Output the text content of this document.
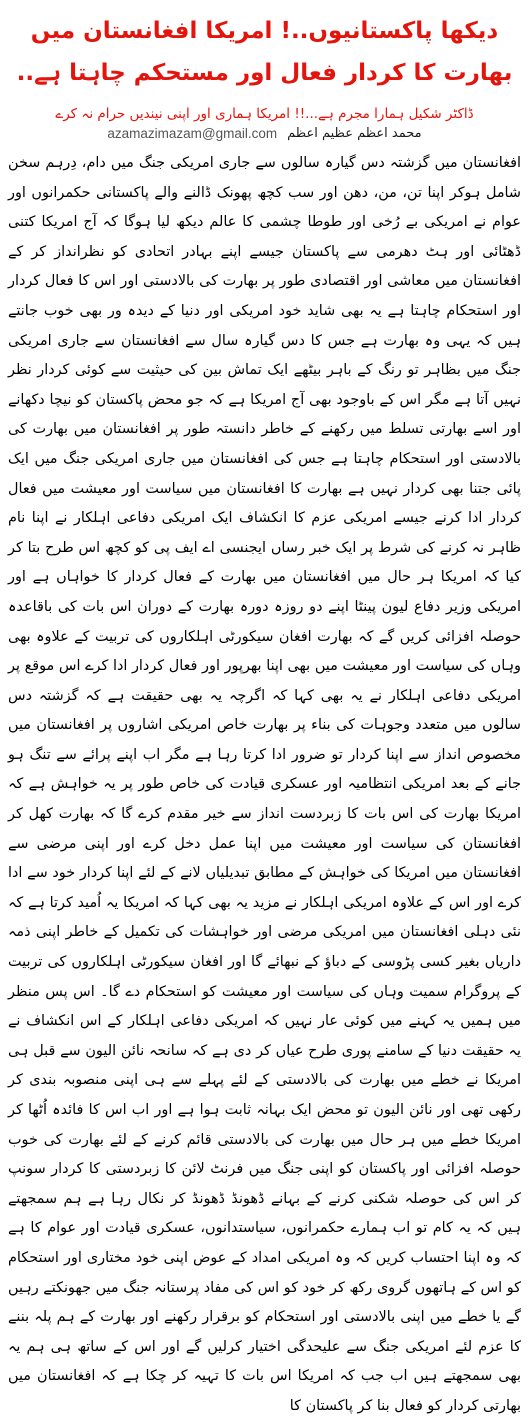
دیکھا پاکستانیوں..! امریکا افغانستان میں بھارت کا کردار فعال اور مستحکم چاہتا ہے..
ڈاکٹر شکیل ہمارا مجرم ہے...!! امریکا ہماری اور اپنی نیندیں حرام نہ کرے
محمد اعظم عظیم اعظم
azamazimazam@gmail.com

افغانستان میں گزشتہ دس گیارہ سالوں سے جاری امریکی جنگ میں دام، دِرہم سخن شامل ہوکر اپنا تن، من، دھن اور سب کچھ پھونک ڈالنے والے پاکستانی حکمرانوں اور عوام نے امریکی بے رُخی اور طوطا چشمی کا عالم دیکھ لیا ہوگا کہ آج امریکا کتنی ڈھٹائی اور ہٹ دھرمی سے پاکستان جیسے اپنے بہادر اتحادی کو نظرانداز کر کے افغانستان میں معاشی اور اقتصادی طور پر بھارت کی بالادستی اور اس کا فعال کردار اور استحکام چاہتا ہے یہ بھی شاید خود امریکی اور دنیا کے دیدہ ور بھی خوب جانتے ہیں کہ یہی وہ بھارت ہے جس کا دس گیارہ سال سے افغانستان سے جاری امریکی جنگ میں بظاہر تو رنگ کے باہر بیٹھے ایک تماش بین کی حیثیت سے کوئی کردار نظر نہیں آتا ہے مگر اس کے باوجود بھی آج امریکا ہے کہ جو محض پاکستان کو نیچا دکھانے اور اسے بھارتی تسلط میں رکھنے کے خاطر دانستہ طور پر افغانستان میں بھارت کی بالادستی اور استحکام چاہتا ہے جس کی افغانستان میں جاری امریکی جنگ میں ایک پائی جتنا بھی کردار نہیں ہے بھارت کا افغانستان میں سیاست اور معیشت میں فعال کردار ادا کرنے جیسے امریکی عزم کا انکشاف ایک امریکی دفاعی اہلکار نے اپنا نام ظاہر نہ کرنے کی شرط پر ایک خبر رساں ایجنسی اے ایف پی کو کچھ اس طرح بتا کر کیا کہ امریکا ہر حال میں افغانستان میں بھارت کے فعال کردار کا خواہاں ہے اور امریکی وزیر دفاع لیون پینٹا اپنے دو روزہ دورہ بھارت کے دوران اس بات کی باقاعدہ حوصلہ افزائی کریں گے کہ بھارت افغان سیکورٹی اہلکاروں کی تربیت کے علاوہ بھی وہاں کی سیاست اور معیشت میں بھی اپنا بھرپور اور فعال کردار ادا کرے اس موقع پر امریکی دفاعی اہلکار نے یہ بھی کہا کہ اگرچہ یہ بھی حقیقت ہے کہ گزشتہ دس سالوں میں متعدد وجوہات کی بناء پر بھارت خاص امریکی اشاروں پر افغانستان میں مخصوص انداز سے اپنا کردار تو ضرور ادا کرتا رہا ہے مگر اب اپنے پرائے سے تنگ ہو جانے کے بعد امریکی انتظامیہ اور عسکری قیادت کی خاص طور پر یہ خواہش ہے کہ امریکا بھارت کی اس بات کا زبردست انداز سے خیر مقدم کرے گا کہ بھارت کھل کر افغانستان کی سیاست اور معیشت میں اپنا عمل دخل کرے اور اپنی مرضی سے افغانستان میں امریکا کی خواہش کے مطابق تبدیلیاں لانے کے لئے اپنا کردار خود سے ادا کرے اور اس کے علاوہ امریکی اہلکار نے مزید یہ بھی کہا کہ امریکا یہ اُمید کرتا ہے کہ نئی دہلی افغانستان میں امریکی مرضی اور خواہشات کی تکمیل کے خاطر اپنی ذمہ داریاں بغیر کسی پڑوسی کے دباؤ کے نبھائے گا اور افغان سیکورٹی اہلکاروں کی تربیت کے پروگرام سمیت وہاں کی سیاست اور معیشت کو استحکام دے گا۔ اس پس منظر میں ہمیں یہ کہنے میں کوئی عار نہیں کہ امریکی دفاعی اہلکار کے اس انکشاف نے یہ حقیقت دنیا کے سامنے پوری طرح عیاں کر دی ہے کہ سانحہ نائن الیون سے قبل ہی امریکا نے خطے میں بھارت کی بالادستی کے لئے پہلے سے ہی اپنی منصوبہ بندی کر رکھی تھی اور نائن الیون تو محض ایک بہانہ ثابت ہوا ہے اور اب اس کا فائدہ اُٹھا کر امریکا خطے میں ہر حال میں بھارت کی بالادستی قائم کرنے کے لئے بھارت کی خوب حوصلہ افزائی اور پاکستان کو اپنی جنگ میں فرنٹ لائن کا زبردستی کا کردار سونپ کر اس کی حوصلہ شکنی کرنے کے بہانے ڈھونڈ ڈھونڈ کر نکال رہا ہے ہم سمجھتے ہیں کہ یہ کام تو اب ہمارے حکمرانوں، سیاستدانوں، عسکری قیادت اور عوام کا ہے کہ وہ اپنا احتساب کریں کہ وہ امریکی امداد کے عوض اپنی خود مختاری اور استحکام کو اس کے ہاتھوں گروی رکھ کر خود کو اس کی مفاد پرستانہ جنگ میں جھونکتے رہیں گے یا خطے میں اپنی بالادستی اور استحکام کو برقرار رکھنے اور بھارت کے ہم پلہ بننے کا عزم لئے امریکی جنگ سے علیحدگی اختیار کرلیں گے اور اس کے ساتھ ہی ہم یہ بھی سمجھتے ہیں اب جب کہ امریکا اس بات کا تہیہ کر چکا ہے کہ افغانستان میں بھارتی کردار کو فعال بنا کر پاکستان کا
